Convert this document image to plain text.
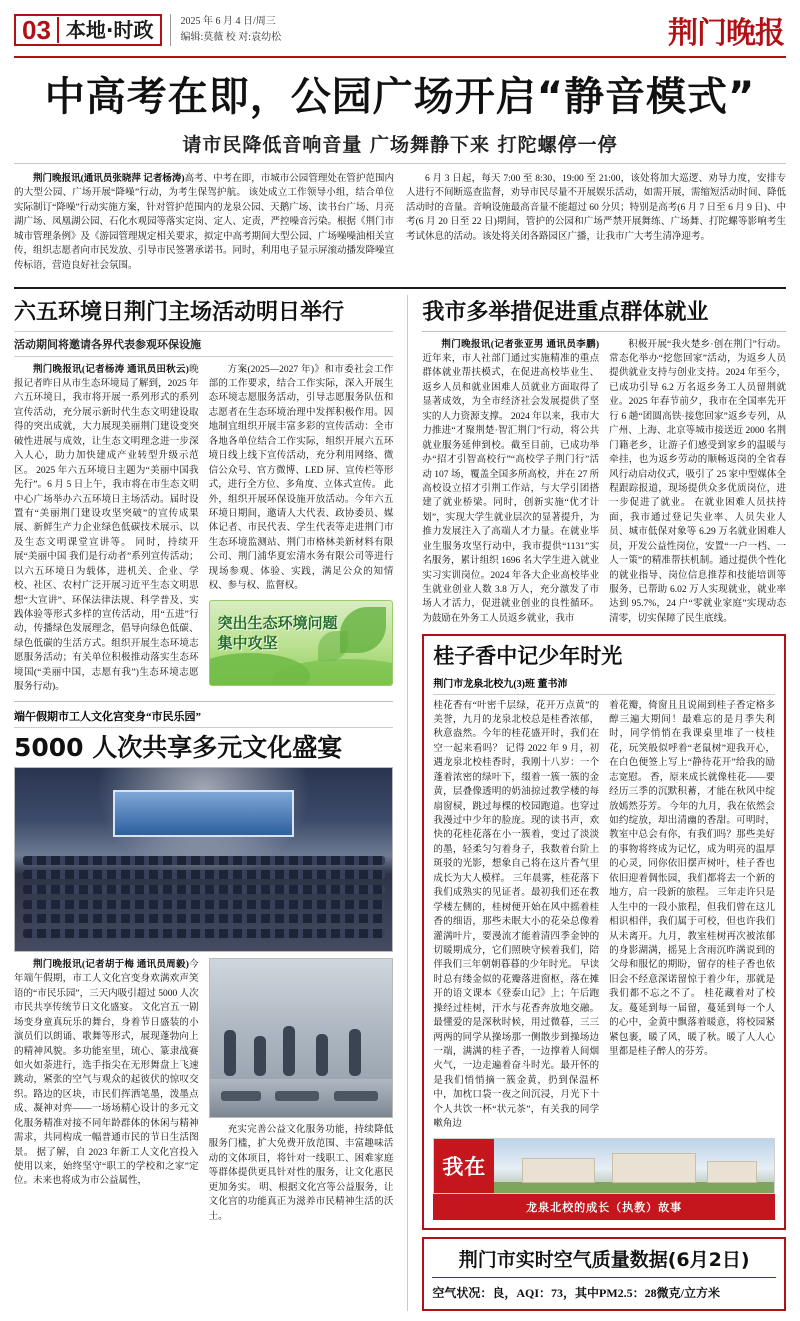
03 本地·时政	2025 年 6 月 4 日/周三
编辑:莫薇 校 对:袁幼松	荆门晚报
中高考在即，公园广场开启“静音模式”
请市民降低音响音量 广场舞静下来 打陀螺停一停

荆门晚报讯(通讯员张晓萍 记者杨涛)高考、中考在即，市城市公园管理处在管护范围内的大型公园、广场开展“降噪”行动，为考生保驾护航。 该处成立工作领导小组，结合单位实际制订“降噪”行动实施方案，针对管护范围内的龙泉公园、天鹅广场、读书台广场、月亮湖广场、凤凰湖公园、石化水观园等落实定岗、定人、定责，严控噪音污染。根据《荆门市城市管理条例》及《游园管理规定相关要求，拟定中高考期间大型公园、广场噪噪油相关宣传，组织志愿者向市民发放、引导市民签署承诺书。同时，利用电子显示屏滚动播发降噪宣传标语，营造良好社会氛围。

6 月 3 日起，每天 7:00 至 8:30、19:00 至 21:00，该处将加大巡逻、劝导力度，安排专人进行不间断巡查监督，劝导市民尽量不开展娱乐活动，如需开展，需缩短活动时间、降低活动时的音量。音响设施最高音量不能超过 60 分贝；特别是高考(6 月 7 日至 6 月 9 日)、中考(6 月 20 日至 22 日)期间，管护的公园和广场严禁开展舞练、广场舞、打陀螺等影响考生考试休息的活动。该处将关闭各路园区广播，让我市广大考生清净迎考。

六五环境日荆门主场活动明日举行
活动期间将邀请各界代表参观环保设施

荆门晚报讯(记者杨涛 通讯员田秋云)晚报记者昨日从市生态环境局了解到，2025 年六五环境日，我市将开展一系列形式的系列宣传活动，充分展示新时代生态文明建设取得的突出成就，大力展现美丽荆门建设变突破性进展与成效，让生态文明理念进一步深入人心，助力加快建成产业转型升级示范区。 2025 年六五环境日主题为“美丽中国我先行”。6 月 5 日上午，我市将在市生态文明中心广场举办六五环境日主场活动。届时设置有“美丽荆门建设攻坚突破”的宣传成果展、新鲜生产力企业绿色低碳技术展示、以及生态文明课堂宣讲等。 同时，持续开展“美丽中国 我们是行动者”系列宣传活动；以六五环境日为载体，进机关、企业、学校、社区、农村广泛开展习近平生态文明思想“大宣讲”、环保法律法规、科学普及、实践体验等形式多样的宣传活动，用“五进”行动，传播绿色发展理念，倡导向绿色低碳、绿色低碳的生活方式。组织开展生态环境志愿服务活动；有关单位积极推动落实生态环境国(“美丽中国，志愿有我”)生态环境志愿服务行动)。

方案(2025—2027 年)》和市委社会工作部的工作要求，结合工作实际，深入开展生态环境志愿服务活动，引导志愿服务队伍和志愿者在生态环境治理中发挥积极作用。因地制宜组织开展丰富多彩的宣传活动：全市各地各单位结合工作实际，组织开展六五环境日线上线下宣传活动，充分利用网络、微信公众号、官方微博、LED 屏、宣传栏等形式，进行全方位、多角度、立体式宣传。 此外，组织开展环保设施开放活动。今年六五环境日期间，邀请人大代表、政协委员、媒体记者、市民代表、学生代表等走进荆门市生态环境监测站、荆门市格林美新材料有限公司、荆门浦华夏宏清水务有限公司等进行现场参观、体验、实践，满足公众的知情权、参与权、监督权。

突出生态环境问题
集中攻坚
端午假期市工人文化宫变身“市民乐园”
5000 人次共享多元文化盛宴

荆门晚报讯(记者胡于梅 通讯员周毅)今年端午假期，市工人文化宫变身欢满欢声笑语的“市民乐园”，三天内吸引超过 5000 人次市民共享传统节日文化盛宴。 文化宫五一剧场变身童真玩乐的舞台，身着节日盛装的小演员们以朗诵、歌舞等形式，展现蓬勃向上的精神风貌。多功能室里，琉心、篆隶战赛如火如荼进行，选手指尖在无形舞盘上飞速跳动，紧张的空气与观众的起彼伏的惊叹交织。路边的区块，市民们挥洒笔墨，泼墨点成、凝神对弈——一场场精心设计的多元文化服务精准对接不同年龄群体的休闲与精神需求，共同构成一幅普通市民的节日生活图景。 据了解，自 2023 年新工人文化宫投入使用以来，始终坚守“职工的学校和之家”定位。未来也将成为市公益属性，

充实完善公益文化服务功能，持续降低服务门槛，扩大免费开放范围、丰富趣味活动的文体项目，将针对一线职工、困难家庭等群体提供更具针对性的服务，让文化惠民更加务实。 明、根据文化宫等公益服务，让文化宫的功能真正为滋养市民精神生活的沃土。

我市多举措促进重点群体就业

荆门晚报讯(记者张亚男 通讯员李鹏)近年来，市人社部门通过实施精准的重点群体就业帮扶模式，在促进高校毕业生、返乡人员和就业困难人员就业方面取得了显著成效，为全市经济社会发展提供了坚实的人力资源支撑。 2024 年以来，我市大力推进“才聚荆楚·智汇荆门”行动，将公共就业服务延伸到校。截至目前，已成功举办“招才引智高校行”“高校学子荆门行”活动 107 场，覆盖全国多所高校，并在 27 所高校设立招才引荆工作站，与大学引团搭建了就业桥梁。同时，创新实施“优才计划”，实现大学生就业层次的显著提升，为推力发展注入了高端人才力量。在就业毕业生服务攻坚行动中，我市提供“1131”实名服务，累计组织 1696 名大学生进入就业实习实训岗位。2024 年各大企业高校毕业生就业创业人数 3.8 万人，充分激发了市场人才活力，促进就业创业的良性循环。 为鼓励在外务工人员返乡就业，我市

积极开展“我火楚乡·创在荆门”行动。常态化举办“挖您回家”活动，为返乡人员提供就业支持与创业支持。2024 年至今，已成功引导 6.2 万名返乡务工人员留荆就业。2025 年春节前夕，我市在全国率先开行 6 趟“团圆高铁·接您回家”返乡专列，从广州、上海、北京等城市接送近 2000 名荆门籍老乡，让游子们感受到家乡的温暖与牵挂，也为返乡劳动的顺畅返岗的全省春风行动启动仪式，吸引了 25 家中型媒体全程跟踪报道，现场提供众多优质岗位，进一步促进了就业。 在就业困难人员扶持面，我市通过登记失业率、人员失业人员、城市低保对象等 6.29 万名就业困难人员，开发公益性岗位，安置“一户一档、一人一策”的精准帮扶机制。通过提供个性化的就业指导、岗位信息推荐和技能培训等服务，已帮助 6.02 万人实现就业，就业率达到 95.7%，24 户“零就业家庭”实现动态清零，切实保障了民生底线。

桂子香中记少年时光
荆门市龙泉北校九(3)班 董书沛
桂花香有“叶密千层绿，花开万点黄”的美誉，九月的龙泉北校总是桂香浓郁，秋意盎然。今年的桂花盛开时，我们在空一起来看吗？ 记得 2022 年 9 月，初遇龙泉北校桂香时，我刚十八岁：一个蓬着浓密的绿叶下，缀着一簇一簇的金黄，层叠像透明的奶油掠过教学楼的每扇窗棂，跳过每棵的校园跑道。也穿过我漫过中少年的脸庞。现的读书声，欢快的花桂花落在小一簇着，变过了淡淡的墨，轻柔匀匀着身子，我数着台阶上斑驳的光影，想象自己将在这片香气里成长为大人模样。 三年晨雾，桂花落下我们成熟实的见证者。最初我们还在教学楼左侧的，桂树便开始在风中摇着桂香的细语，那些未眠大小的花朵总像着灌满叶片，要漫流才能着清四季金钟的切暖期成分，它们照映守候着我们，陪伴我们三年朝朝暮暮的少年时光。 早读时总有缕金似的花瓣落进窗枢，落在摊开的语文课本《登泰山记》上；午后跑操经过桂树，汗水与花香奔放地交融。最懂爱的是深秋时候，用过微暮，三三两两的同学从操场那一侧散步到操场边一端，满满的桂子香，一边撑着人间烟火气，一边走遍着奋斗时光。最开怀的是我们悄悄摘一簇金黄，扔到保温杯中，加枕口袋一夜之间沉浸，月光下十个人共饮一杯“状元茶”，有关我的同学嗽角边
着花瓣，倚窗且且说闹到桂子香定格多醇三遍大期间！最难忘的是月季失利时，同学悄悄在我课桌里堆了一枝桂花，玩笑般似呼着“老鼠树”迎我开心，在白色便签上写上“静待花开”给我的励志宽慰。 香，原来成长就像桂花——要经历三季的沉默积蓄，才能在秋风中绽放嫣然芬芳。 今年的九月，我在依然会如约绽放，却出清幽的香甜。可明时，教室中总会有你，有我们吗？那些美好的事物将终成为记忆，成为明亮的温厚的心灵，同你依旧摆声树叶，桂子香也依旧迎着倜怅园，我们都将去一个新的地方，启一段新的旅程。 三年走许只是人生中的一段小旅程，但我们曾在这儿相识相伴，我们属于可校，但也许我们从未离开。九月，教室桂树再次被浓郁的身影湖满，摇晃上含雨沉昨满说到的父母和服忆的期盼，留存的桂子香也依旧会不经意深诺留惊于着少年，那就是我们都不忘之不了。 桂花藏着对了校友。蔓延到每一届留，蔓延到每一个人的心中，金黄中飘落着暖意，将校园紧紧包裹，暖了风，暖了秋。暖了人人心里都是桂子醉人的芬芳。
我在
龙泉北校的成长（执教）故事
荆门市实时空气质量数据(6月2日)
空气状况：良，AQI：73，其中PM2.5：28微克/立方米
